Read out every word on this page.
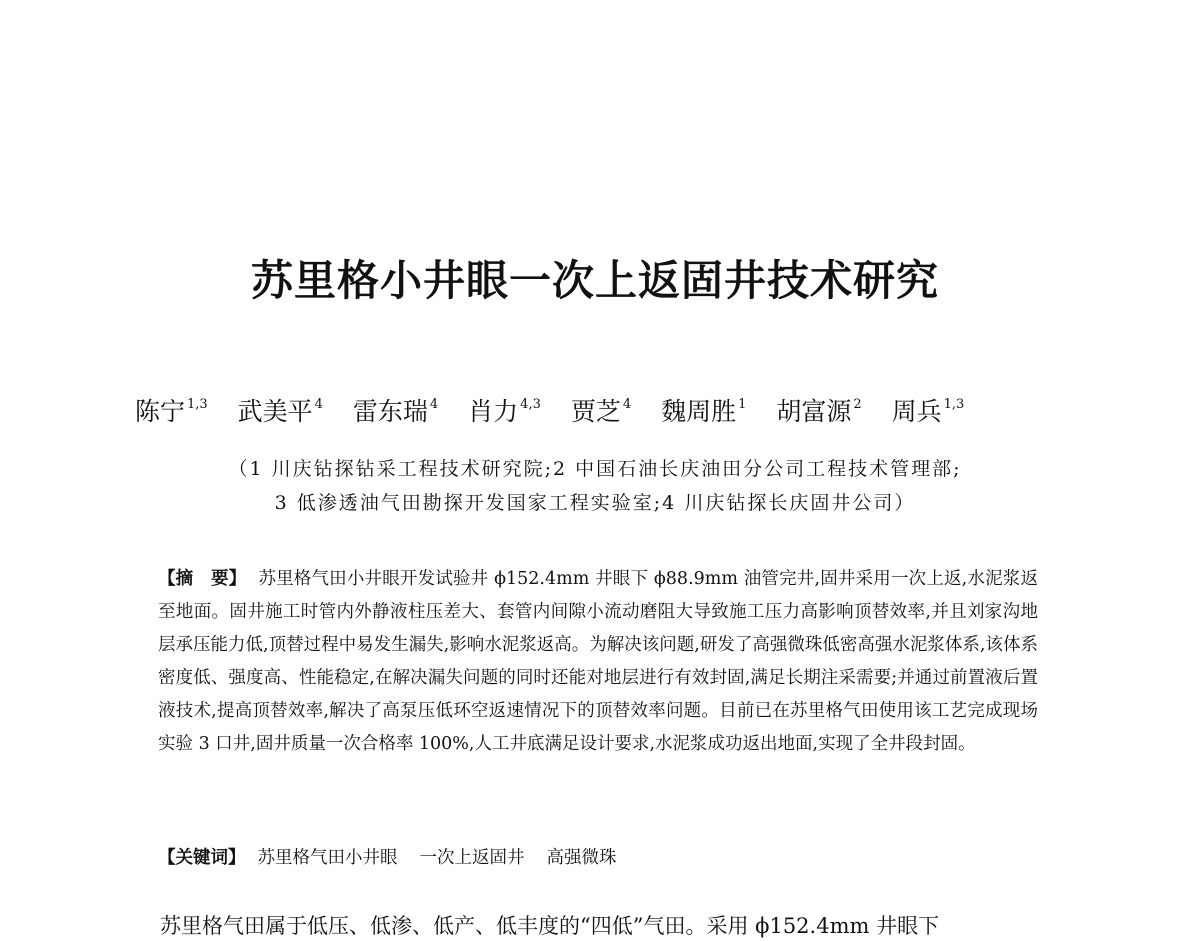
苏里格小井眼一次上返固井技术研究
陈宁 $^{1,3}$ 武美平 $^4$ 雷东瑞 $^4$ 肖力 $^{4,3}$ 贾芝 $^4$ 魏周胜 $^1$ 胡富源 $^2$ 周兵 $^{1,3}$
（1 川庆钻探钻采工程技术研究院;2 中国石油长庆油田分公司工程技术管理部;
3 低渗透油气田勘探开发国家工程实验室;4 川庆钻探长庆固井公司）
【摘　要】 苏里格气田小井眼开发试验井 ϕ152.4mm 井眼下 ϕ88.9mm 油管完井,固井采用一次上返,水泥浆返至地面。固井施工时管内外静液柱压差大、套管内间隙小流动磨阻大导致施工压力高影响顶替效率,并且刘家沟地层承压能力低,顶替过程中易发生漏失,影响水泥浆返高。为解决该问题,研发了高强微珠低密高强水泥浆体系,该体系密度低、强度高、性能稳定,在解决漏失问题的同时还能对地层进行有效封固,满足长期注采需要;并通过前置液后置液技术,提高顶替效率,解决了高泵压低环空返速情况下的顶替效率问题。目前已在苏里格气田使用该工艺完成现场实验 3 口井,固井质量一次合格率 100%,人工井底满足设计要求,水泥浆成功返出地面,实现了全井段封固。
【关键词】 苏里格气田小井眼 一次上返固井 高强微珠
苏里格气田属于低压、低渗、低产、低丰度的“四低”气田。采用 ϕ152.4mm 井眼下
